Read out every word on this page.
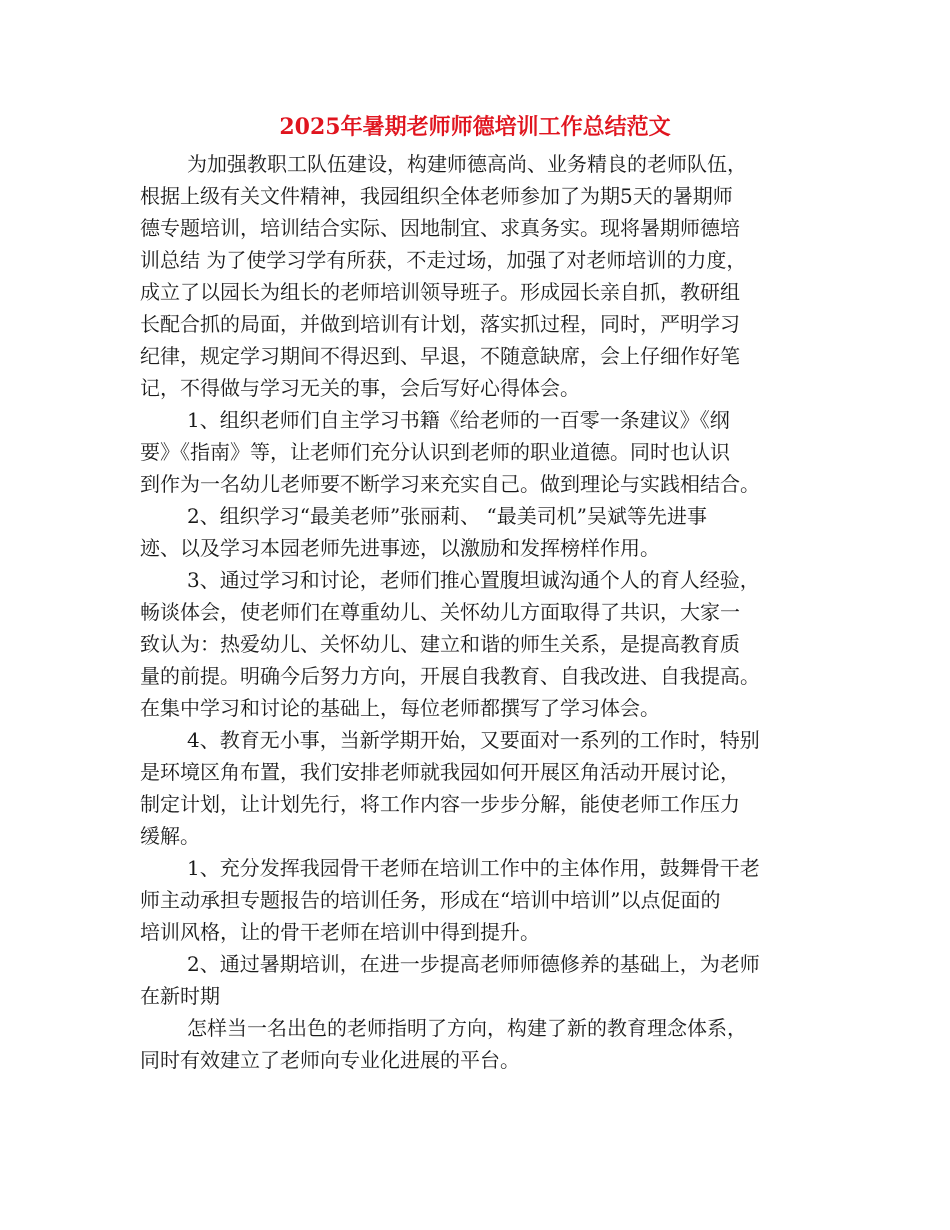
2025年暑期老师师德培训工作总结范文
为加强教职工队伍建设，构建师德高尚、业务精良的老师队伍，
根据上级有关文件精神，我园组织全体老师参加了为期5天的暑期师
德专题培训，培训结合实际、因地制宜、求真务实。现将暑期师德培
训总结 为了使学习学有所获，不走过场，加强了对老师培训的力度，
成立了以园长为组长的老师培训领导班子。形成园长亲自抓，教研组
长配合抓的局面，并做到培训有计划，落实抓过程，同时，严明学习
纪律，规定学习期间不得迟到、早退，不随意缺席，会上仔细作好笔
记，不得做与学习无关的事，会后写好心得体会。
1、组织老师们自主学习书籍《给老师的一百零一条建议》《纲
要》《指南》等，让老师们充分认识到老师的职业道德。同时也认识
到作为一名幼儿老师要不断学习来充实自己。做到理论与实践相结合。
2、组织学习“最美老师”张丽莉、 “最美司机”吴斌等先进事
迹、以及学习本园老师先进事迹，以激励和发挥榜样作用。
3、通过学习和讨论，老师们推心置腹坦诚沟通个人的育人经验，
畅谈体会，使老师们在尊重幼儿、关怀幼儿方面取得了共识，大家一
致认为：热爱幼儿、关怀幼儿、建立和谐的师生关系，是提高教育质
量的前提。明确今后努力方向，开展自我教育、自我改进、自我提高。
在集中学习和讨论的基础上，每位老师都撰写了学习体会。
4、教育无小事，当新学期开始，又要面对一系列的工作时，特别
是环境区角布置，我们安排老师就我园如何开展区角活动开展讨论，
制定计划，让计划先行，将工作内容一步步分解，能使老师工作压力
缓解。
1、充分发挥我园骨干老师在培训工作中的主体作用，鼓舞骨干老
师主动承担专题报告的培训任务，形成在“培训中培训”以点促面的
培训风格，让的骨干老师在培训中得到提升。
2、通过暑期培训，在进一步提高老师师德修养的基础上，为老师
在新时期
怎样当一名出色的老师指明了方向，构建了新的教育理念体系，
同时有效建立了老师向专业化进展的平台。
